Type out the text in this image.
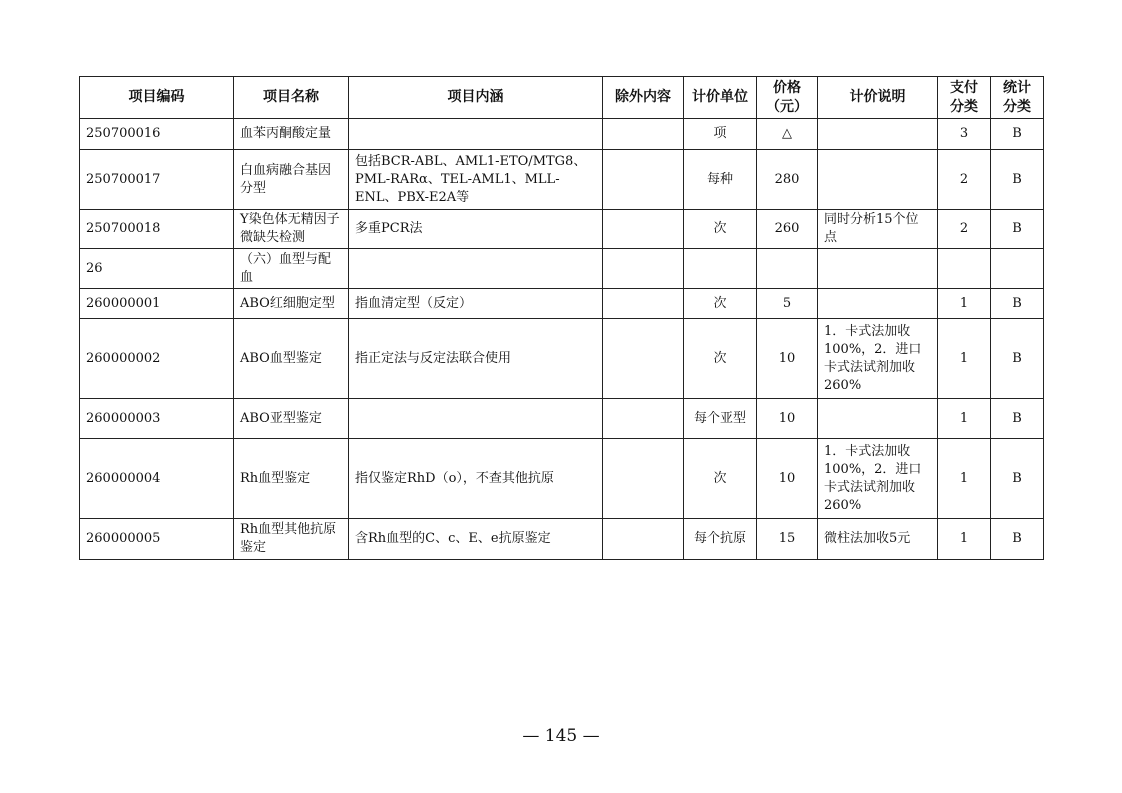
项目编码	项目名称	项目内涵	除外内容	计价单位	价格（元）	计价说明	支付分类	统计分类
250700016	血苯丙酮酸定量			项	△		3	B
250700017	白血病融合基因分型	包括BCR-ABL、AML1-ETO/MTG8、PML-RARα、TEL-AML1、MLL-ENL、PBX-E2A等		每种	280		2	B
250700018	Y染色体无精因子微缺失检测	多重PCR法		次	260	同时分析15个位点	2	B
26	（六）血型与配血							
260000001	ABO红细胞定型	指血清定型（反定）		次	5		1	B
260000002	ABO血型鉴定	指正定法与反定法联合使用		次	10	1．卡式法加收100%，2．进口卡式法试剂加收260%	1	B
260000003	ABO亚型鉴定			每个亚型	10		1	B
260000004	Rh血型鉴定	指仅鉴定RhD（o），不查其他抗原		次	10	1．卡式法加收100%，2．进口卡式法试剂加收260%	1	B
260000005	Rh血型其他抗原鉴定	含Rh血型的C、c、E、e抗原鉴定		每个抗原	15	微柱法加收5元	1	B
— 145 —
